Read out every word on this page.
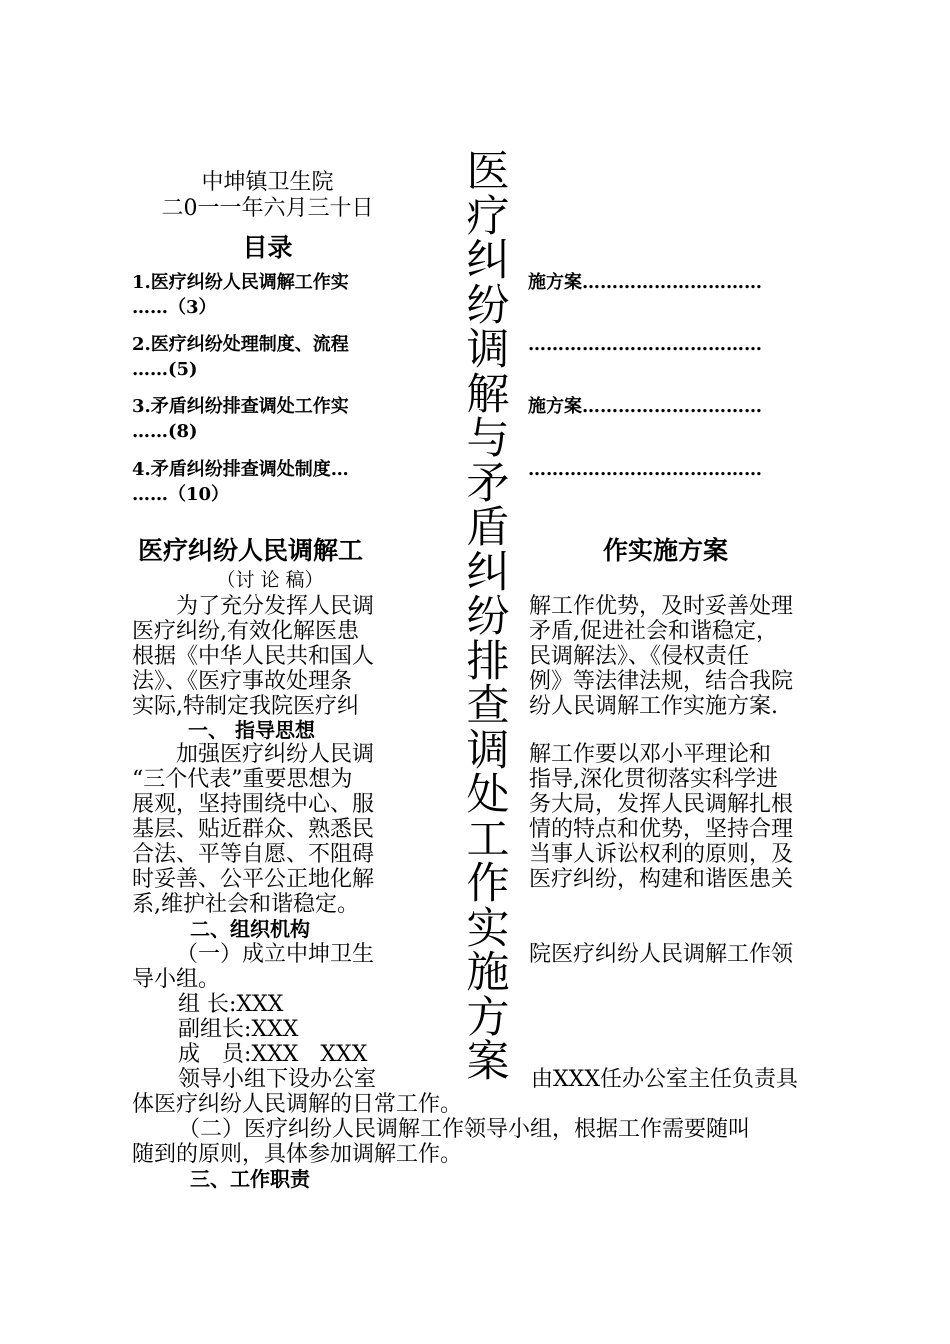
中坤镇卫生院
二0一一年六月三十日
目录
医疗纠纷调解与矛盾纠纷排查调处工作实施方案
1.医疗纠纷人民调解工作实	施方案…………………………
……（3）
2.医疗纠纷处理制度、流程	…………………………………
……(5)
3.矛盾纠纷排查调处工作实	施方案…………………………
……(8)
4.矛盾纠纷排查调处制度…	…………………………………
……（10）
医疗纠纷人民调解工	作实施方案
（讨 论 稿）
为了充分发挥人民调
医疗纠纷,有效化解医患
根据《中华人民共和国人
法》、《医疗事故处理条
实际,特制定我院医疗纠
解工作优势，及时妥善处理
矛盾,促进社会和谐稳定，
民调解法》、《侵权责任
例》等法律法规，结合我院
纷人民调解工作实施方案.
一、 指导思想
加强医疗纠纷人民调
“三个代表”重要思想为
展观，坚持围绕中心、服
基层、贴近群众、熟悉民
合法、平等自愿、不阻碍
时妥善、公平公正地化解
系,维护社会和谐稳定。
解工作要以邓小平理论和
指导,深化贯彻落实科学进
务大局，发挥人民调解扎根
情的特点和优势，坚持合理
当事人诉讼权利的原则，及
医疗纠纷，构建和谐医患关
二、组织机构
（一）成立中坤卫生	院医疗纠纷人民调解工作领
导小组。
组 长:XXX
副组长:XXX
成　员:XXX　XXX
领导小组下设办公室	由XXX任办公室主任负责具
体医疗纠纷人民调解的日常工作。
（二）医疗纠纷人民调解工作领导小组，根据工作需要随叫
随到的原则，具体参加调解工作。
三、工作职责
